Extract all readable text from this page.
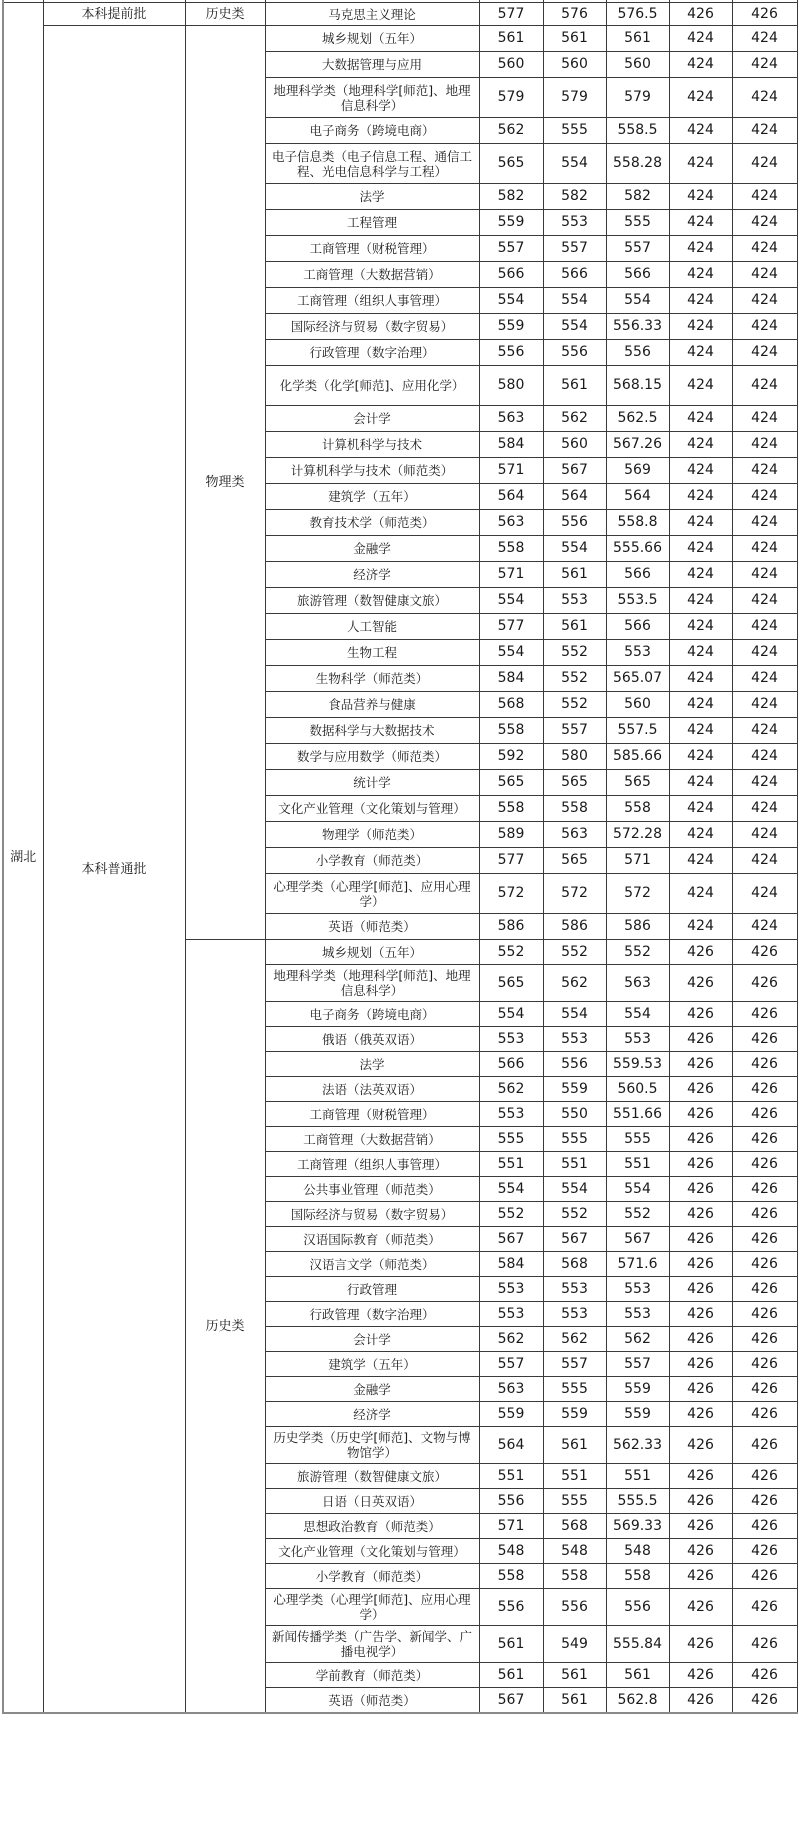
湖北	本科提前批	历史类	马克思主义理论	577	576	576.5	426	426
	本科普通批	物理类	城乡规划（五年）	561	561	561	424	424
			大数据管理与应用	560	560	560	424	424
			地理科学类（地理科学[师范]、地理信息科学）	579	579	579	424	424
			电子商务（跨境电商）	562	555	558.5	424	424
			电子信息类（电子信息工程、通信工程、光电信息科学与工程）	565	554	558.28	424	424
			法学	582	582	582	424	424
			工程管理	559	553	555	424	424
			工商管理（财税管理）	557	557	557	424	424
			工商管理（大数据营销）	566	566	566	424	424
			工商管理（组织人事管理）	554	554	554	424	424
			国际经济与贸易（数字贸易）	559	554	556.33	424	424
			行政管理（数字治理）	556	556	556	424	424
			化学类（化学[师范]、应用化学）	580	561	568.15	424	424
			会计学	563	562	562.5	424	424
			计算机科学与技术	584	560	567.26	424	424
			计算机科学与技术（师范类）	571	567	569	424	424
			建筑学（五年）	564	564	564	424	424
			教育技术学（师范类）	563	556	558.8	424	424
			金融学	558	554	555.66	424	424
			经济学	571	561	566	424	424
			旅游管理（数智健康文旅）	554	553	553.5	424	424
			人工智能	577	561	566	424	424
			生物工程	554	552	553	424	424
			生物科学（师范类）	584	552	565.07	424	424
			食品营养与健康	568	552	560	424	424
			数据科学与大数据技术	558	557	557.5	424	424
			数学与应用数学（师范类）	592	580	585.66	424	424
			统计学	565	565	565	424	424
			文化产业管理（文化策划与管理）	558	558	558	424	424
			物理学（师范类）	589	563	572.28	424	424
			小学教育（师范类）	577	565	571	424	424
			心理学类（心理学[师范]、应用心理学）	572	572	572	424	424
			英语（师范类）	586	586	586	424	424
		历史类	城乡规划（五年）	552	552	552	426	426
			地理科学类（地理科学[师范]、地理信息科学）	565	562	563	426	426
			电子商务（跨境电商）	554	554	554	426	426
			俄语（俄英双语）	553	553	553	426	426
			法学	566	556	559.53	426	426
			法语（法英双语）	562	559	560.5	426	426
			工商管理（财税管理）	553	550	551.66	426	426
			工商管理（大数据营销）	555	555	555	426	426
			工商管理（组织人事管理）	551	551	551	426	426
			公共事业管理（师范类）	554	554	554	426	426
			国际经济与贸易（数字贸易）	552	552	552	426	426
			汉语国际教育（师范类）	567	567	567	426	426
			汉语言文学（师范类）	584	568	571.6	426	426
			行政管理	553	553	553	426	426
			行政管理（数字治理）	553	553	553	426	426
			会计学	562	562	562	426	426
			建筑学（五年）	557	557	557	426	426
			金融学	563	555	559	426	426
			经济学	559	559	559	426	426
			历史学类（历史学[师范]、文物与博物馆学）	564	561	562.33	426	426
			旅游管理（数智健康文旅）	551	551	551	426	426
			日语（日英双语）	556	555	555.5	426	426
			思想政治教育（师范类）	571	568	569.33	426	426
			文化产业管理（文化策划与管理）	548	548	548	426	426
			小学教育（师范类）	558	558	558	426	426
			心理学类（心理学[师范]、应用心理学）	556	556	556	426	426
			新闻传播学类（广告学、新闻学、广播电视学）	561	549	555.84	426	426
			学前教育（师范类）	561	561	561	426	426
			英语（师范类）	567	561	562.8	426	426
